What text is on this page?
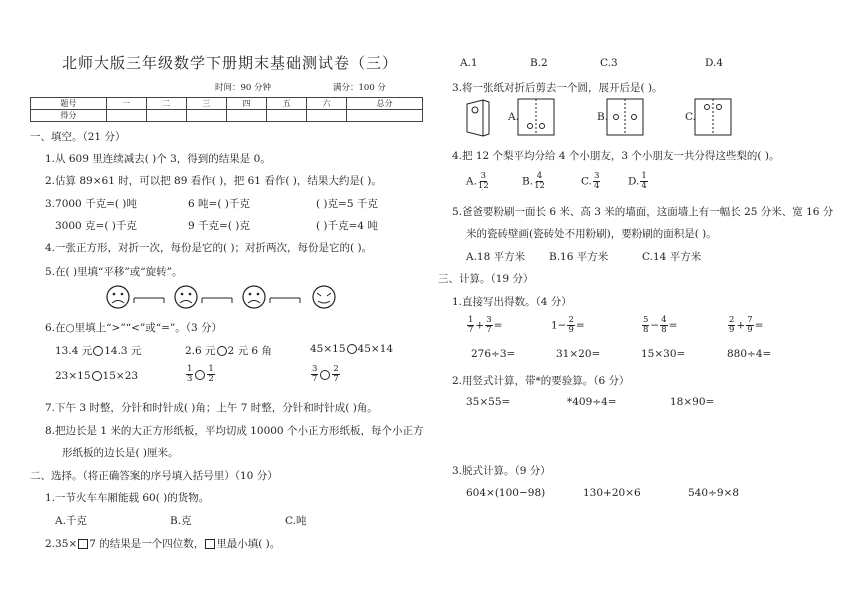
北师大版三年级数学下册期末基础测试卷（三）
时间：90 分钟	满分：100 分
题号	一	二	三	四	五	六	总分
得分							
一、填空。（21 分）
1.从 609 里连续减去( )个 3，得到的结果是 0。
2.估算 89×61 时，可以把 89 看作( )，把 61 看作( )，结果大约是( )。
3.7000 千克=( )吨	6 吨=( )千克	( )克=5 千克
3000 克=( )千克	9 千克=( )克	( )千克=4 吨
4.一张正方形，对折一次，每份是它的( )；对折两次，每份是它的( )。
5.在( )里填“平移”或“旋转”。
6.在○里填上“>”“<”或“=”。（3 分）
13.4 元 14.3 元	2.6 元 2 元 6 角	45×15 45×14
23×15 15×23	$\frac{1}{3} \frac{1}{2}$	$\frac{3}{7} \frac{2}{7}$
7.下午 3 时整，分针和时针成( )角；上午 7 时整，分针和时针成( )角。
8.把边长是 1 米的大正方形纸板，平均切成 10000 个小正方形纸板，每个小正方
形纸板的边长是( )厘米。
二、选择。（将正确答案的序号填入括号里）（10 分）
1.一节火车车厢能载 60( )的货物。
A.千克	B.克	C.吨
2.35× 7 的结果是一个四位数， 里最小填( )。
A.1	B.2	C.3	D.4
3.将一张纸对折后剪去一个圆，展开后是( )。
A.	B.	C.
4.把 12 个梨平均分给 4 个小朋友，3 个小朋友一共分得这些梨的( )。
A. $\frac{3}{12}$	B. $\frac{4}{12}$	C. $\frac{3}{4}$	D. $\frac{1}{4}$
5.爸爸要粉刷一面长 6 米、高 3 米的墙面，这面墙上有一幅长 25 分米、宽 16 分
米的瓷砖壁画(瓷砖处不用粉刷)，要粉刷的面积是( )。
A.18 平方米 B.16 平方米	C.14 平方米
三、计算。（19 分）
1.直接写出得数。（4 分）
$\frac{1}{7} + \frac{3}{7}$ =	$1- \frac{2}{9}$ =	$\frac{5}{8} - \frac{4}{8}$ =	$\frac{2}{9} + \frac{7}{9}$ =
276÷3=	31×20=	15×30=	880÷4=
2.用竖式计算，带*的要验算。（6 分）
35×55=	*409÷4=	18×90=
3.脱式计算。（9 分）
604×(100−98)	130+20×6	540÷9×8
